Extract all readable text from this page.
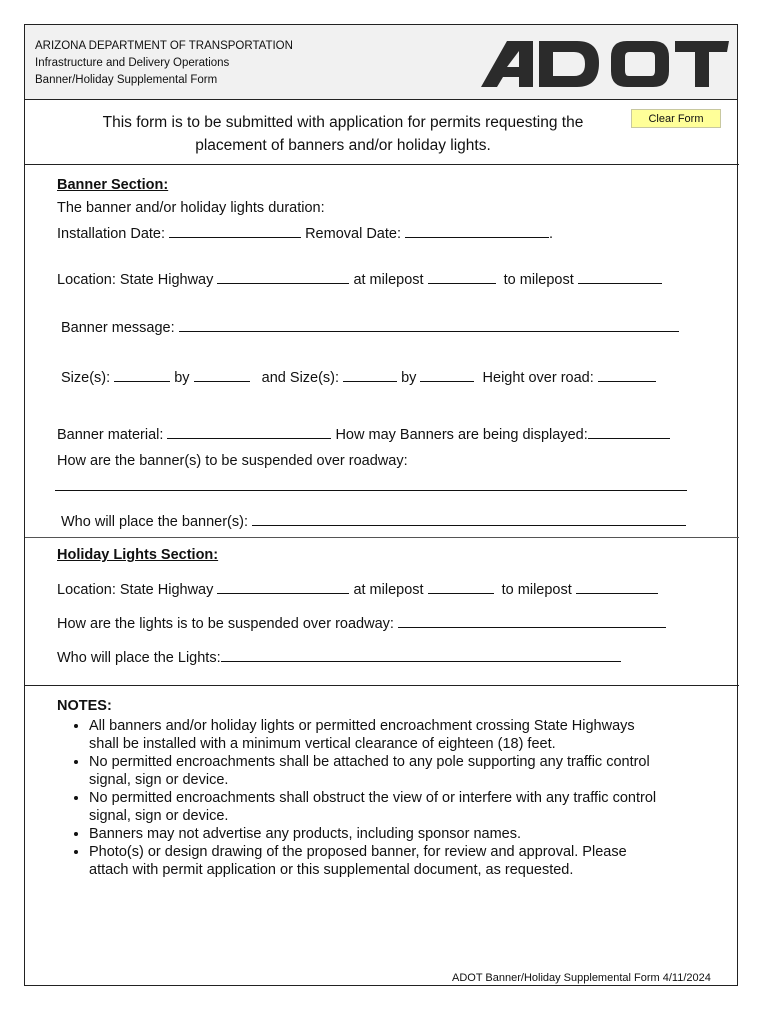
ARIZONA DEPARTMENT OF TRANSPORTATION
Infrastructure and Delivery Operations
Banner/Holiday Supplemental Form
This form is to be submitted with application for permits requesting the
placement of banners and/or holiday lights.
Clear Form
Banner Section:
The banner and/or holiday lights duration:
Installation Date:	Removal Date:	.
Location: State Highway	at milepost	to milepost
Banner message:
Size(s):	by	and Size(s):	by	Height over road:
Banner material:	How may Banners are being displayed:
How are the banner(s) to be suspended over roadway:
Who will place the banner(s):
Holiday Lights Section:
Location: State Highway	at milepost	to milepost
How are the lights is to be suspended over roadway:
Who will place the Lights:
NOTES:
• All banners and/or holiday lights or permitted encroachment crossing State Highways shall be installed with a minimum vertical clearance of eighteen (18) feet.
• No permitted encroachments shall be attached to any pole supporting any traffic control signal, sign or device.
• No permitted encroachments shall obstruct the view of or interfere with any traffic control signal, sign or device.
• Banners may not advertise any products, including sponsor names.
• Photo(s) or design drawing of the proposed banner, for review and approval. Please attach with permit application or this supplemental document, as requested.
ADOT Banner/Holiday Supplemental Form 4/11/2024
